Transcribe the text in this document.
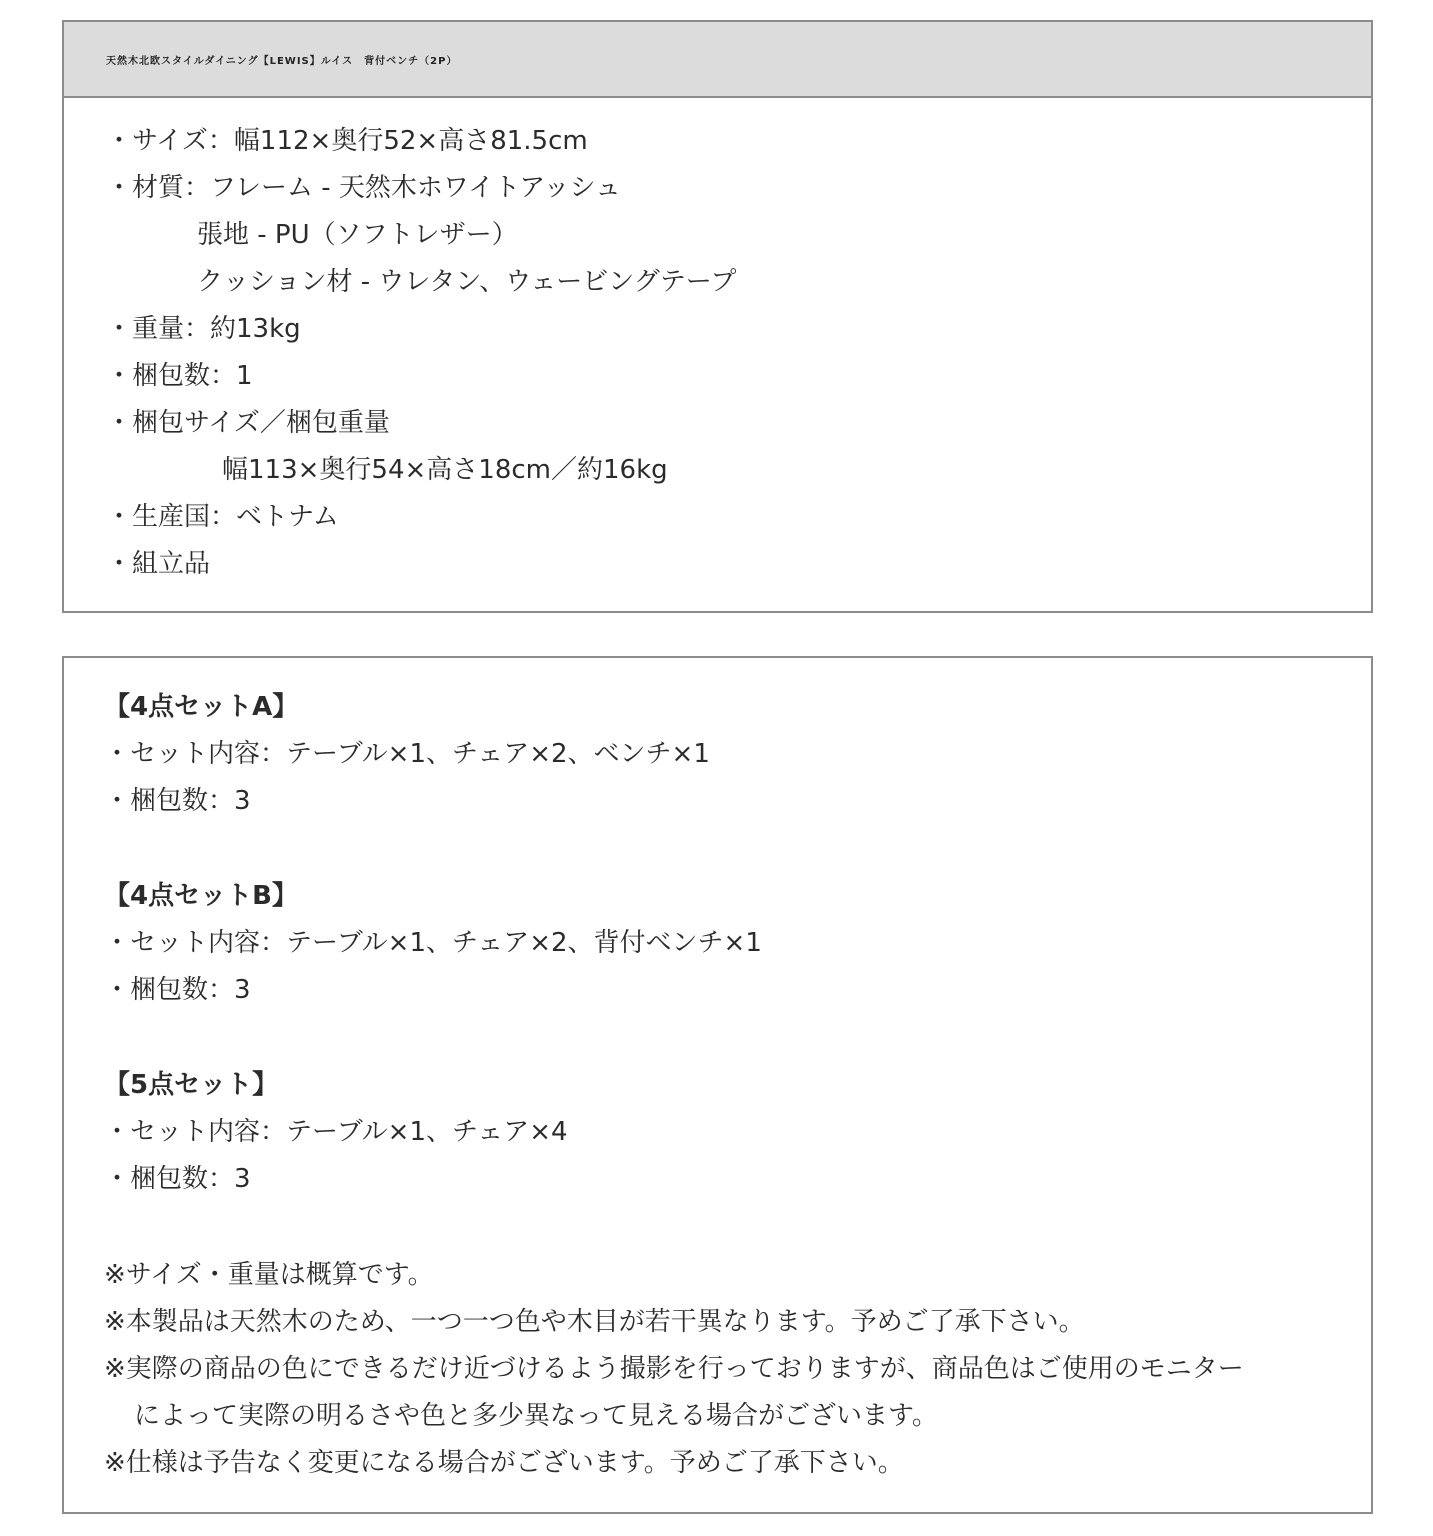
天然木北欧スタイルダイニング【LEWIS】ルイス　背付ベンチ（2P）
・サイズ：幅112×奥行52×高さ81.5cm
・材質：フレーム - 天然木ホワイトアッシュ
張地 - PU（ソフトレザー）
クッション材 - ウレタン、ウェービングテープ
・重量：約13kg
・梱包数：1
・梱包サイズ／梱包重量
幅113×奥行54×高さ18cm／約16kg
・生産国：ベトナム
・組立品
【4点セットA】
・セット内容：テーブル×1、チェア×2、ベンチ×1
・梱包数：3
【4点セットB】
・セット内容：テーブル×1、チェア×2、背付ベンチ×1
・梱包数：3
【5点セット】
・セット内容：テーブル×1、チェア×4
・梱包数：3
※サイズ・重量は概算です。
※本製品は天然木のため、一つ一つ色や木目が若干異なります。予めご了承下さい。
※実際の商品の色にできるだけ近づけるよう撮影を行っておりますが、商品色はご使用のモニター
によって実際の明るさや色と多少異なって見える場合がございます。
※仕様は予告なく変更になる場合がございます。予めご了承下さい。
